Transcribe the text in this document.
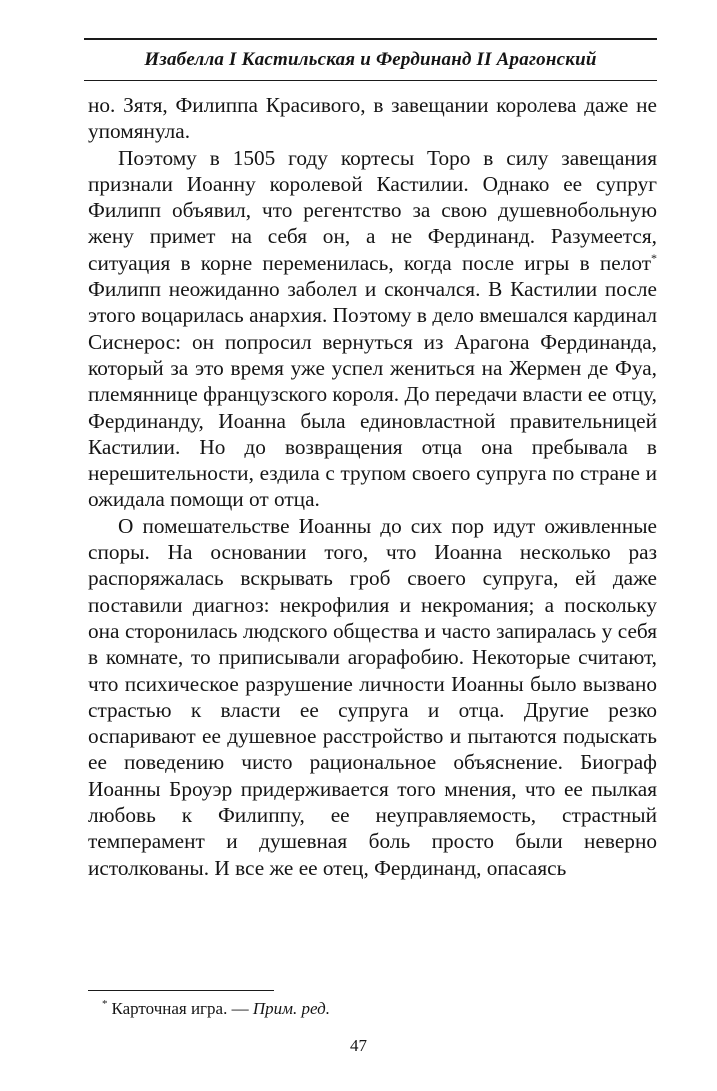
Изабелла I Кастильская и Фердинанд II Арагонский

но. Зятя, Филиппа Красивого, в завещании королева даже не упомянула.

Поэтому в 1505 году кортесы Торо в силу завещания признали Иоанну королевой Кастилии. Однако ее супруг Филипп объявил, что регентство за свою душевнобольную жену примет на себя он, а не Фердинанд. Разумеется, ситуация в корне переменилась, когда после игры в пелот* Филипп неожиданно заболел и скончался. В Кастилии после этого воцарилась анархия. Поэтому в дело вмешался кардинал Сиснерос: он попросил вернуться из Арагона Фердинанда, который за это время уже успел жениться на Жермен де Фуа, племяннице французского короля. До передачи власти ее отцу, Фердинанду, Иоанна была единовластной правительницей Кастилии. Но до возвращения отца она пребывала в нерешительности, ездила с трупом своего супруга по стране и ожидала помощи от отца.

О помешательстве Иоанны до сих пор идут оживленные споры. На основании того, что Иоанна несколько раз распоряжалась вскрывать гроб своего супруга, ей даже поставили диагноз: некрофилия и некромания; а поскольку она сторонилась людского общества и часто запиралась у себя в комнате, то приписывали агорафобию. Некоторые считают, что психическое разрушение личности Иоанны было вызвано страстью к власти ее супруга и отца. Другие резко оспаривают ее душевное расстройство и пытаются подыскать ее поведению чисто рациональное объяснение. Биограф Иоанны Броуэр придерживается того мнения, что ее пылкая любовь к Филиппу, ее неуправляемость, страстный темперамент и душевная боль просто были неверно истолкованы. И все же ее отец, Фердинанд, опасаясь

* Карточная игра. — Прим. ред.
47
